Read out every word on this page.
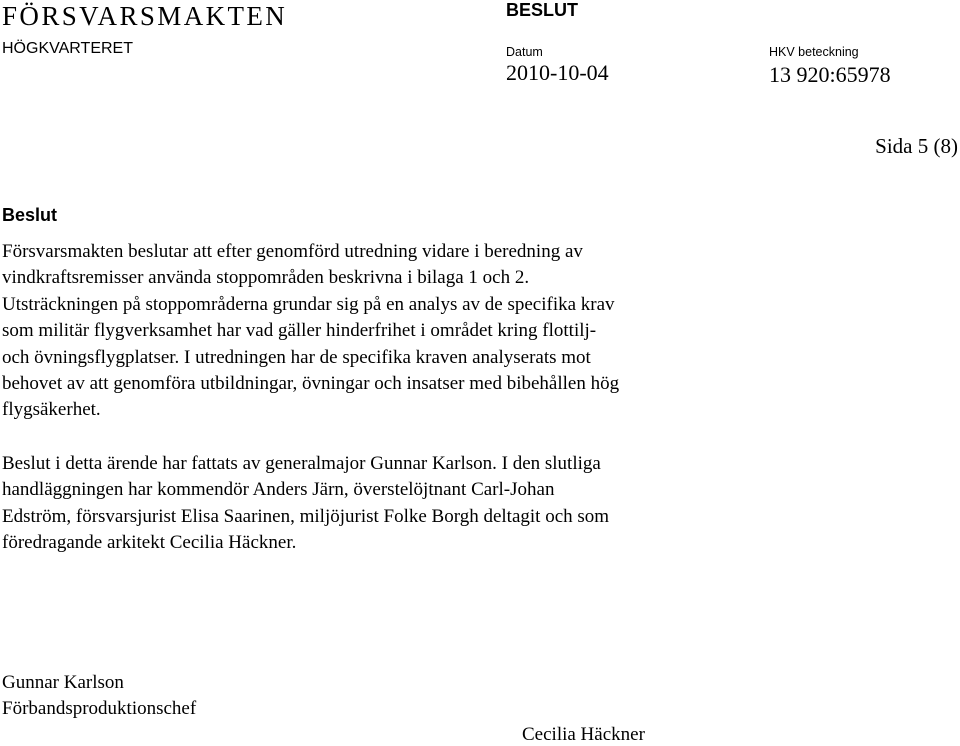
FÖRSVARSMAKTEN
HÖGKVARTERET
BESLUT
Datum
2010-10-04
HKV beteckning
13 920:65978
Sida 5 (8)
Beslut
Försvarsmakten beslutar att efter genomförd utredning vidare i beredning av
vindkraftsremisser använda stoppområden beskrivna i bilaga 1 och 2.
Utsträckningen på stoppområderna grundar sig på en analys av de specifika krav
som militär flygverksamhet har vad gäller hinderfrihet i området kring flottilj-
och övningsflygplatser. I utredningen har de specifika kraven analyserats mot
behovet av att genomföra utbildningar, övningar och insatser med bibehållen hög
flygsäkerhet.
Beslut i detta ärende har fattats av generalmajor Gunnar Karlson. I den slutliga
handläggningen har kommendör Anders Järn, överstelöjtnant Carl-Johan
Edström, försvarsjurist Elisa Saarinen, miljöjurist Folke Borgh deltagit och som
föredragande arkitekt Cecilia Häckner.
Gunnar Karlson
Förbandsproduktionschef
Cecilia Häckner
